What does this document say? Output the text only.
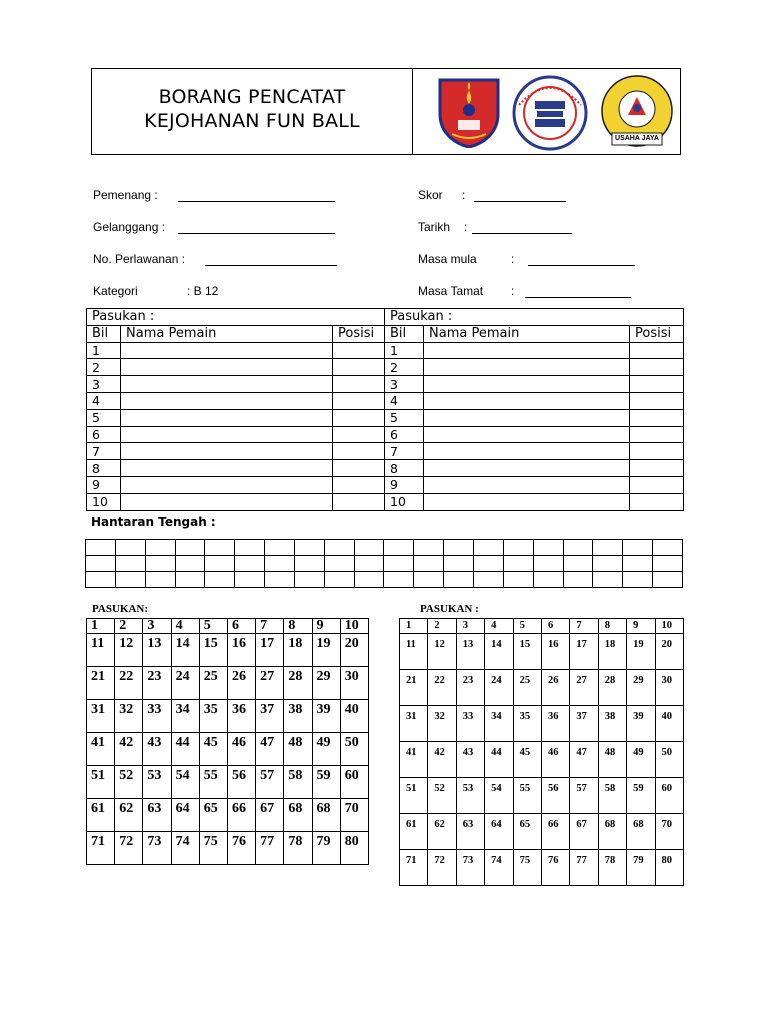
BORANG PENCATAT
KEJOHANAN FUN BALL
USAHA JAYA
Pemenang :	Skor :
Gelanggang :	Tarikh :
No. Perlawanan :	Masa mula	:
Kategori	: B 12	Masa Tamat :
Pasukan :			Pasukan :		
Bil	Nama Pemain	Posisi	Bil	Nama Pemain	Posisi
1			1		
2			2		
3			3		
4			4		
5			5		
6			6		
7			7		
8			8		
9			9		
10			10		
Hantaran Tengah :

PASUKAN:	PASUKAN :
1	2	3	4	5	6	7	8	9	10
11	12	13	14	15	16	17	18	19	20
21	22	23	24	25	26	27	28	29	30
31	32	33	34	35	36	37	38	39	40
41	42	43	44	45	46	47	48	49	50
51	52	53	54	55	56	57	58	59	60
61	62	63	64	65	66	67	68	68	70
71	72	73	74	75	76	77	78	79	80
1	2	3	4	5	6	7	8	9	10
11	12	13	14	15	16	17	18	19	20
21	22	23	24	25	26	27	28	29	30
31	32	33	34	35	36	37	38	39	40
41	42	43	44	45	46	47	48	49	50
51	52	53	54	55	56	57	58	59	60
61	62	63	64	65	66	67	68	68	70
71	72	73	74	75	76	77	78	79	80
